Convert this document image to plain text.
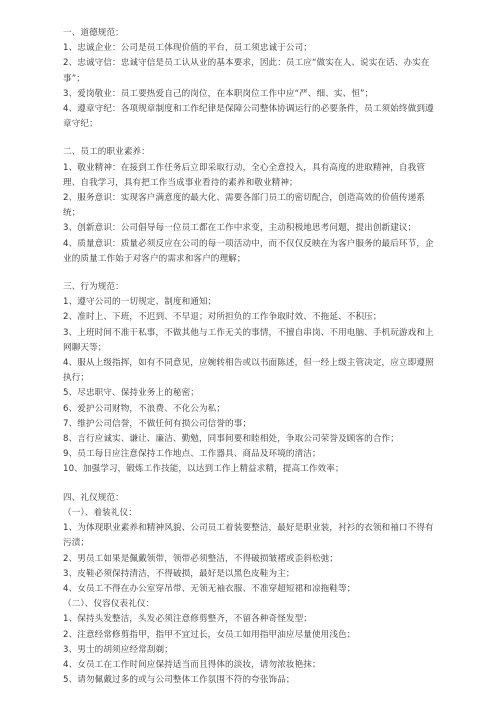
一、道德规范：

1、忠诚企业：公司是员工体现价值的平台，员工须忠诚于公司；

2、忠诚守信：忠诚守信是员工认从业的基本要求，因此：员工应“做实在人、说实在话、办实在事”；

3、爱岗敬业：员工要热爱自己的岗位，在本职岗位工作中应“严、细、实、恒”；

4、遵章守纪：各项规章制度和工作纪律是保障公司整体协调运行的必要条件，员工须始终做到遵章守纪；

二、员工的职业素养：

1、敬业精神：在接到工作任务后立即采取行动，全心全意投入，具有高度的进取精神，自我管理、自我学习，具有把工作当成事业看待的素养和敬业精神；

2、服务意识：实现客户满意度的最大化、需要各部门员工的密切配合，创造高效的价值传递系统；

3、创新意识：公司倡导每一位员工都在工作中求变，主动积极地思考问题，提出创新建议；

4、质量意识：质量必须反应在公司的每一项活动中，而不仅仅反映在为客户服务的最后环节，企业的质量工作始于对客户的需求和客户的理解；

三、行为规范：

1、遵守公司的一切规定、制度和通知；

2、准时上、下班，不迟到、不早退；对所担负的工作争取时效、不拖延、不积压；

3、上班时间不准干私事，不做其他与工作无关的事情，不擅自串岗、不用电脑、手机玩游戏和上网聊天等；

4、服从上级指挥，如有不同意见，应婉转相告或以书面陈述，但一经上级主管决定，应立即遵照执行；

5、尽忠职守、保持业务上的秘密；

6、爱护公司财物，不浪费、不化公为私；

7、维护公司信誉，不做任何有损公司信誉的事；

8、言行应诚实、谦让、廉洁、勤勉，同事间要和睦相处，争取公司荣誉及顾客的合作；

9、员工每日应注意保持工作地点、工作器具、商品及环境的清洁；

10、加强学习，锻炼工作技能，以达到工作上精益求精，提高工作效率；

四、礼仪规范：

（一）、着装礼仪：

1、为体现职业素养和精神风貌、公司员工着装要整洁，最好是职业装，衬衫的衣领和袖口不得有污渍；

2、男员工如果是佩戴领带，领带必须整洁，不得破损皱褶或歪斜松弛；

3、皮鞋必须保持清洁，不得破损，最好是以黑色皮鞋为主；

4、女员工不得在办公室穿吊带、无领无袖衣服、不准穿超短裙和凉拖鞋等；

（二）、仪容仪表礼仪：

1、保持头发整洁，头发必须注意修剪整齐，不留各种奇怪发型；

2、注意经常修剪指甲，指甲不宜过长，女员工如用指甲油应尽量使用浅色；

3、男士的胡须应经常刮剃；

4、女员工在工作时间应保持适当而且得体的淡妆，请勿浓妆艳抹；

5、请勿佩戴过多的或与公司整体工作氛围不符的夸张饰品；
